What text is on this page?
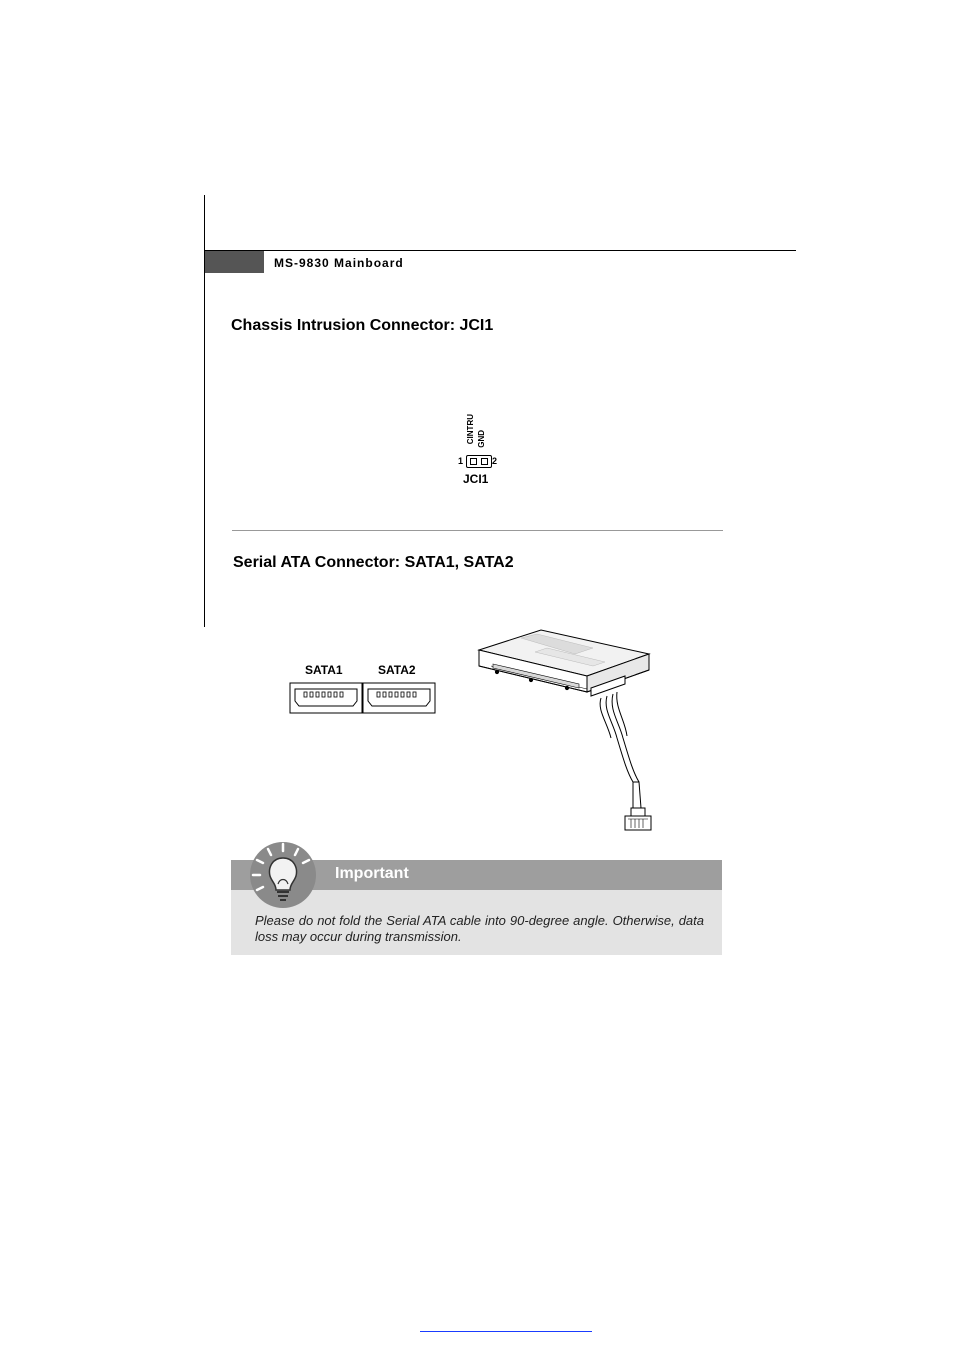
MS-9830 Mainboard
Chassis Intrusion Connector: JCI1
CINTRU GND
1	2
JCI1
Serial ATA Connector: SATA1, SATA2
SATA1	SATA2
Important
Please do not fold the Serial ATA cable into 90-degree angle. Otherwise, data loss may occur during transmission.
